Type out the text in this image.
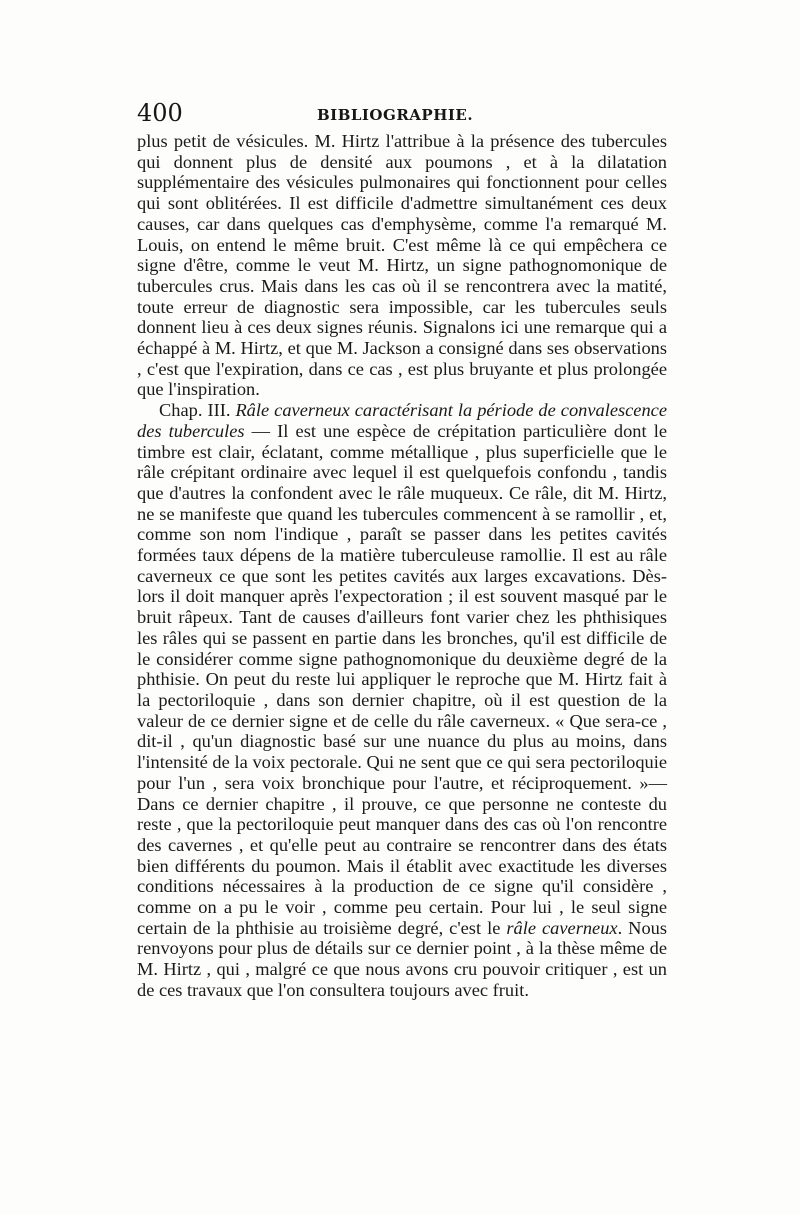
400	BIBLIOGRAPHIE.

plus petit de vésicules. M. Hirtz l'attribue à la présence des tubercules qui donnent plus de densité aux poumons , et à la dilatation supplémentaire des vésicules pulmonaires qui fonctionnent pour celles qui sont oblitérées. Il est difficile d'admettre simultanément ces deux causes, car dans quelques cas d'emphysème, comme l'a remarqué M. Louis, on entend le même bruit. C'est même là ce qui empêchera ce signe d'être, comme le veut M. Hirtz, un signe pathognomonique de tubercules crus. Mais dans les cas où il se rencontrera avec la matité, toute erreur de diagnostic sera impossible, car les tubercules seuls donnent lieu à ces deux signes réunis. Signalons ici une remarque qui a échappé à M. Hirtz, et que M. Jackson a consigné dans ses observations , c'est que l'expiration, dans ce cas , est plus bruyante et plus prolongée que l'inspiration.

Chap. III. Râle caverneux caractérisant la période de convalescence des tubercules — Il est une espèce de crépitation particulière dont le timbre est clair, éclatant, comme métallique , plus superficielle que le râle crépitant ordinaire avec lequel il est quelquefois confondu , tandis que d'autres la confondent avec le râle muqueux. Ce râle, dit M. Hirtz, ne se manifeste que quand les tubercules commencent à se ramollir , et, comme son nom l'indique , paraît se passer dans les petites cavités formées taux dépens de la matière tuberculeuse ramollie. Il est au râle caverneux ce que sont les petites cavités aux larges excavations. Dès-lors il doit manquer après l'expectoration ; il est souvent masqué par le bruit râpeux. Tant de causes d'ailleurs font varier chez les phthisiques les râles qui se passent en partie dans les bronches, qu'il est difficile de le considérer comme signe pathognomonique du deuxième degré de la phthisie. On peut du reste lui appliquer le reproche que M. Hirtz fait à la pectoriloquie , dans son dernier chapitre, où il est question de la valeur de ce dernier signe et de celle du râle caverneux. « Que sera-ce , dit-il , qu'un diagnostic basé sur une nuance du plus au moins, dans l'intensité de la voix pectorale. Qui ne sent que ce qui sera pectoriloquie pour l'un , sera voix bronchique pour l'autre, et réciproquement. »—Dans ce dernier chapitre , il prouve, ce que personne ne conteste du reste , que la pectoriloquie peut manquer dans des cas où l'on rencontre des cavernes , et qu'elle peut au contraire se rencontrer dans des états bien différents du poumon. Mais il établit avec exactitude les diverses conditions nécessaires à la production de ce signe qu'il considère , comme on a pu le voir , comme peu certain. Pour lui , le seul signe certain de la phthisie au troisième degré, c'est le râle caverneux. Nous renvoyons pour plus de détails sur ce dernier point , à la thèse même de M. Hirtz , qui , malgré ce que nous avons cru pouvoir critiquer , est un de ces travaux que l'on consultera toujours avec fruit.
